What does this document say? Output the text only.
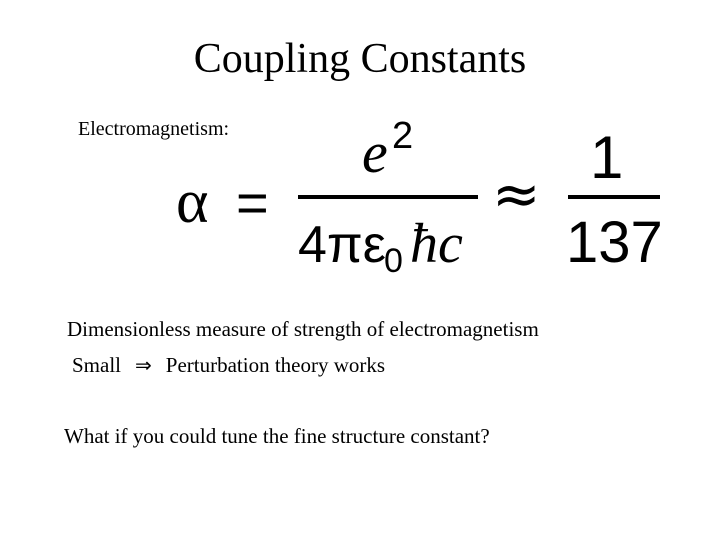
Coupling Constants
Electromagnetism:
α =
e 2
4πε
0 ħc
≈
1
137
Dimensionless measure of strength of electromagnetism
Small ⇒ Perturbation theory works
What if you could tune the fine structure constant?
